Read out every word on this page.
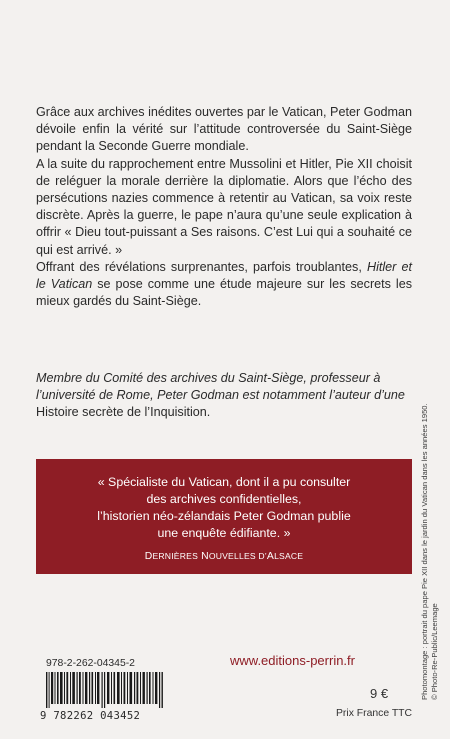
Grâce aux archives inédites ouvertes par le Vatican, Peter Godman dévoile enfin la vérité sur l’attitude controversée du Saint-Siège pendant la Seconde Guerre mondiale.

A la suite du rapprochement entre Mussolini et Hitler, Pie XII choisit de reléguer la morale derrière la diplomatie. Alors que l’écho des persécutions nazies commence à retentir au Vatican, sa voix reste discrète. Après la guerre, le pape n’aura qu’une seule explication à offrir « Dieu tout-puissant a Ses raisons. C’est Lui qui a souhaité ce qui est arrivé. »

Offrant des révélations surprenantes, parfois troublantes, Hitler et le Vatican se pose comme une étude majeure sur les secrets les mieux gardés du Saint-Siège.

Membre du Comité des archives du Saint-Siège, professeur à l’université de Rome, Peter Godman est notamment l’auteur d’une Histoire secrète de l’Inquisition.
« Spécialiste du Vatican, dont il a pu consulter
des archives confidentielles,
l’historien néo-zélandais Peter Godman publie
une enquête édifiante. »
DERNIÈRES NOUVELLES D’ALSACE	Photomontage : portrait du pape Pie XII dans le jardin du Vatican dans les années 1950. © Photo-Re-Public/Leemage
978-2-262-04345-2
9 782262 043452
www.editions-perrin.fr
9 €
Prix France TTC
